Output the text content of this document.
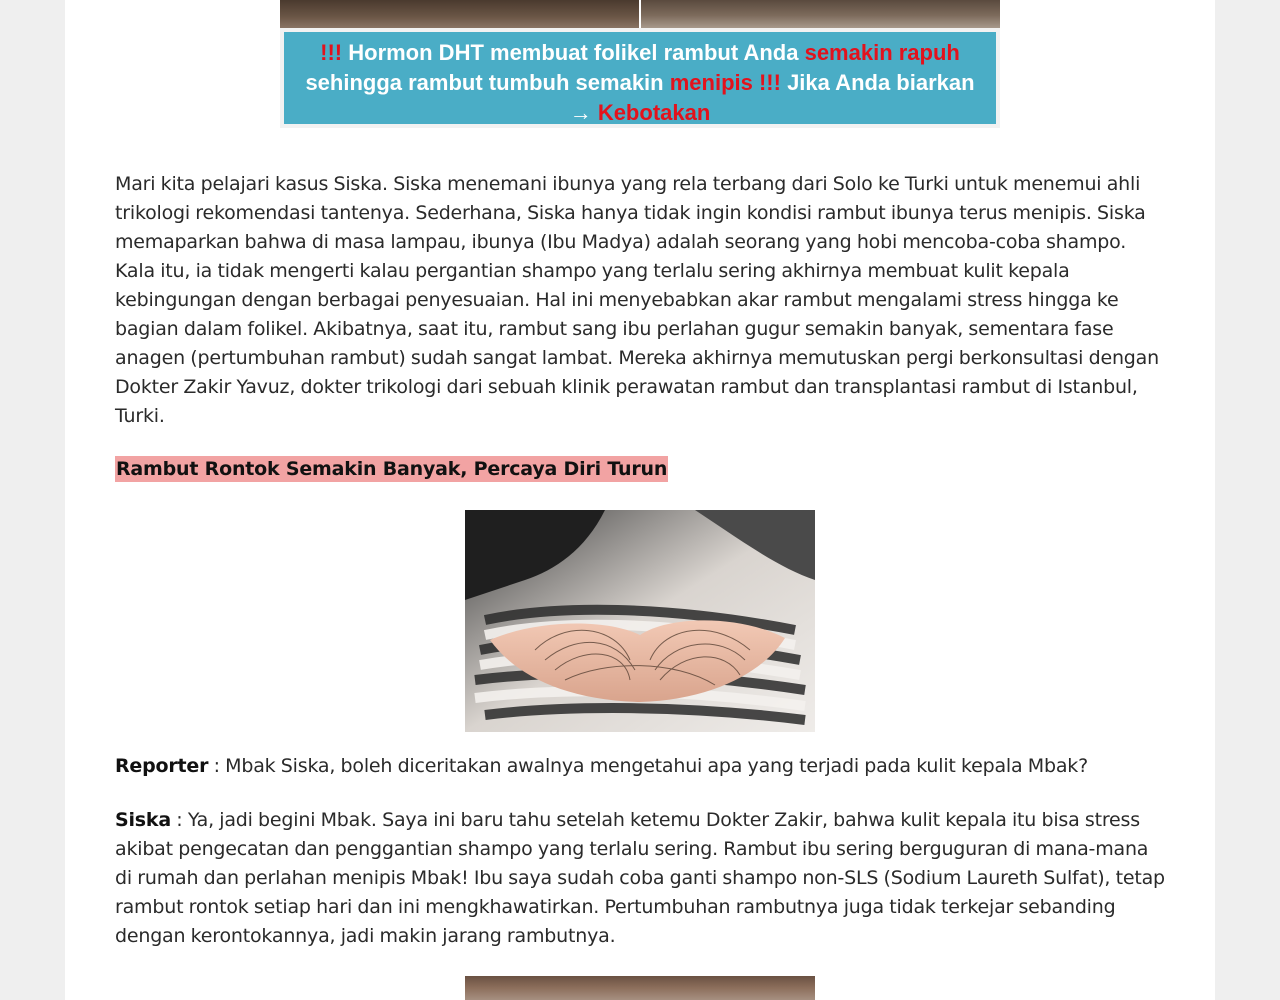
!!! Hormon DHT membuat folikel rambut Anda semakin rapuh
sehingga rambut tumbuh semakin menipis !!! Jika Anda biarkan → Kebotakan

Mari kita pelajari kasus Siska. Siska menemani ibunya yang rela terbang dari Solo ke Turki untuk menemui ahli trikologi rekomendasi tantenya. Sederhana, Siska hanya tidak ingin kondisi rambut ibunya terus menipis. Siska memaparkan bahwa di masa lampau, ibunya (Ibu Madya) adalah seorang yang hobi mencoba-coba shampo. Kala itu, ia tidak mengerti kalau pergantian shampo yang terlalu sering akhirnya membuat kulit kepala kebingungan dengan berbagai penyesuaian. Hal ini menyebabkan akar rambut mengalami stress hingga ke bagian dalam folikel. Akibatnya, saat itu, rambut sang ibu perlahan gugur semakin banyak, sementara fase anagen (pertumbuhan rambut) sudah sangat lambat. Mereka akhirnya memutuskan pergi berkonsultasi dengan Dokter Zakir Yavuz, dokter trikologi dari sebuah klinik perawatan rambut dan transplantasi rambut di Istanbul, Turki.

Rambut Rontok Semakin Banyak, Percaya Diri Turun

Reporter : Mbak Siska, boleh diceritakan awalnya mengetahui apa yang terjadi pada kulit kepala Mbak?

Siska : Ya, jadi begini Mbak. Saya ini baru tahu setelah ketemu Dokter Zakir, bahwa kulit kepala itu bisa stress akibat pengecatan dan penggantian shampo yang terlalu sering. Rambut ibu sering berguguran di mana-mana di rumah dan perlahan menipis Mbak! Ibu saya sudah coba ganti shampo non-SLS (Sodium Laureth Sulfat), tetap rambut rontok setiap hari dan ini mengkhawatirkan. Pertumbuhan rambutnya juga tidak terkejar sebanding dengan kerontokannya, jadi makin jarang rambutnya.
